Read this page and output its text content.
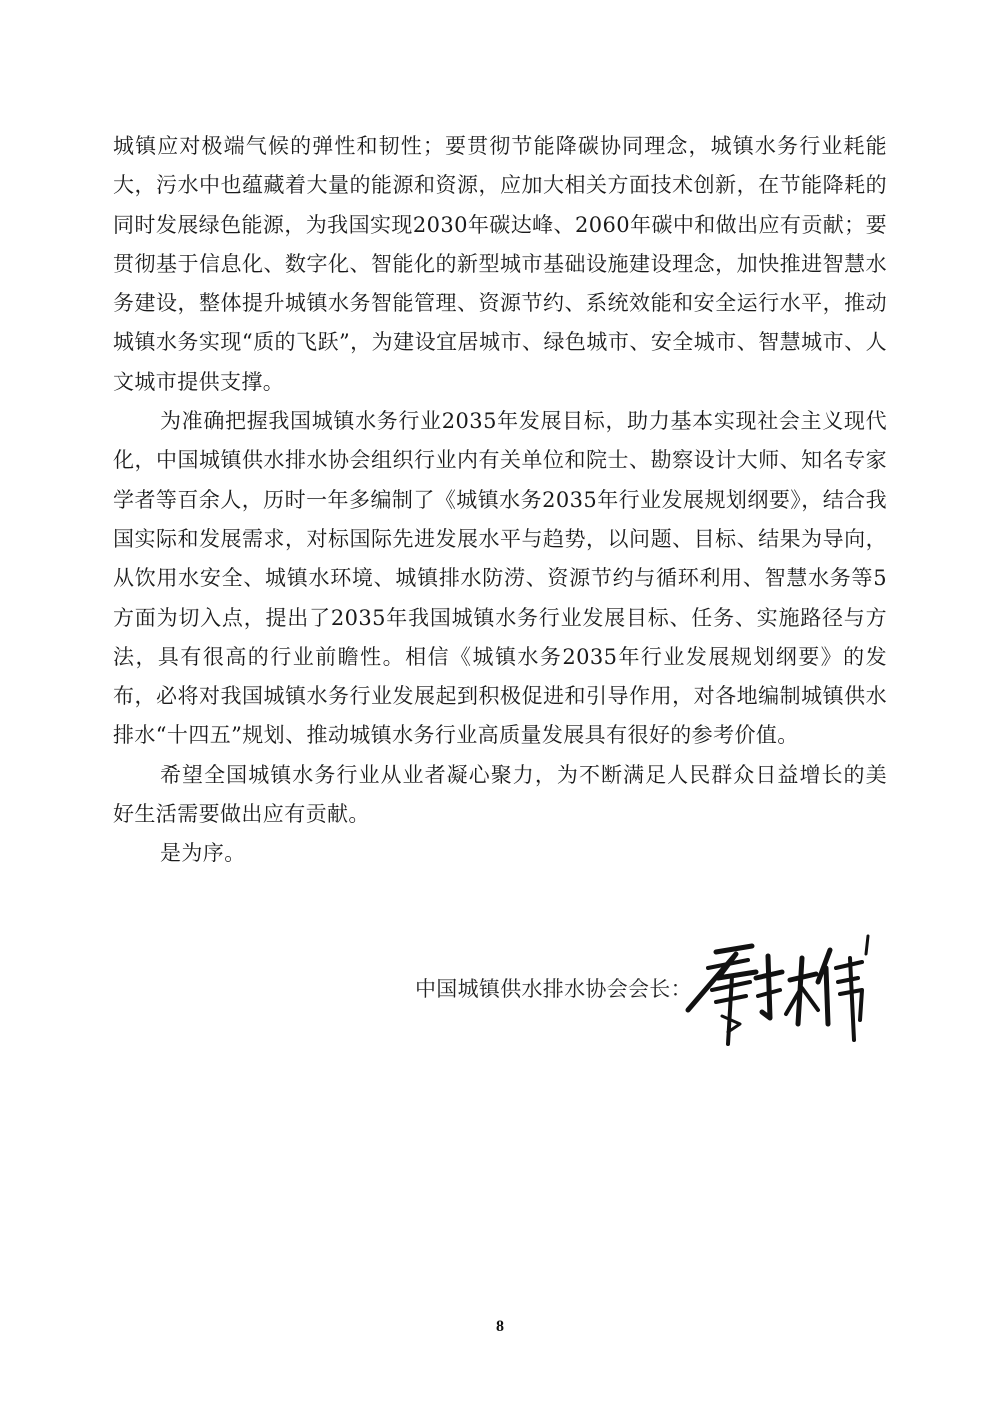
城镇应对极端气候的弹性和韧性；要贯彻节能降碳协同理念，城镇水务行业耗能大，污水中也蕴藏着大量的能源和资源，应加大相关方面技术创新，在节能降耗的同时发展绿色能源，为我国实现2030年碳达峰、2060年碳中和做出应有贡献；要贯彻基于信息化、数字化、智能化的新型城市基础设施建设理念，加快推进智慧水务建设，整体提升城镇水务智能管理、资源节约、系统效能和安全运行水平，推动城镇水务实现“质的飞跃”，为建设宜居城市、绿色城市、安全城市、智慧城市、人文城市提供支撑。

为准确把握我国城镇水务行业2035年发展目标，助力基本实现社会主义现代化，中国城镇供水排水协会组织行业内有关单位和院士、勘察设计大师、知名专家学者等百余人，历时一年多编制了《城镇水务2035年行业发展规划纲要》，结合我国实际和发展需求，对标国际先进发展水平与趋势，以问题、目标、结果为导向，从饮用水安全、城镇水环境、城镇排水防涝、资源节约与循环利用、智慧水务等5方面为切入点，提出了2035年我国城镇水务行业发展目标、任务、实施路径与方法，具有很高的行业前瞻性。相信《城镇水务2035年行业发展规划纲要》的发布，必将对我国城镇水务行业发展起到积极促进和引导作用，对各地编制城镇供水排水“十四五”规划、推动城镇水务行业高质量发展具有很好的参考价值。

希望全国城镇水务行业从业者凝心聚力，为不断满足人民群众日益增长的美好生活需要做出应有贡献。

是为序。

中国城镇供水排水协会会长：
8
